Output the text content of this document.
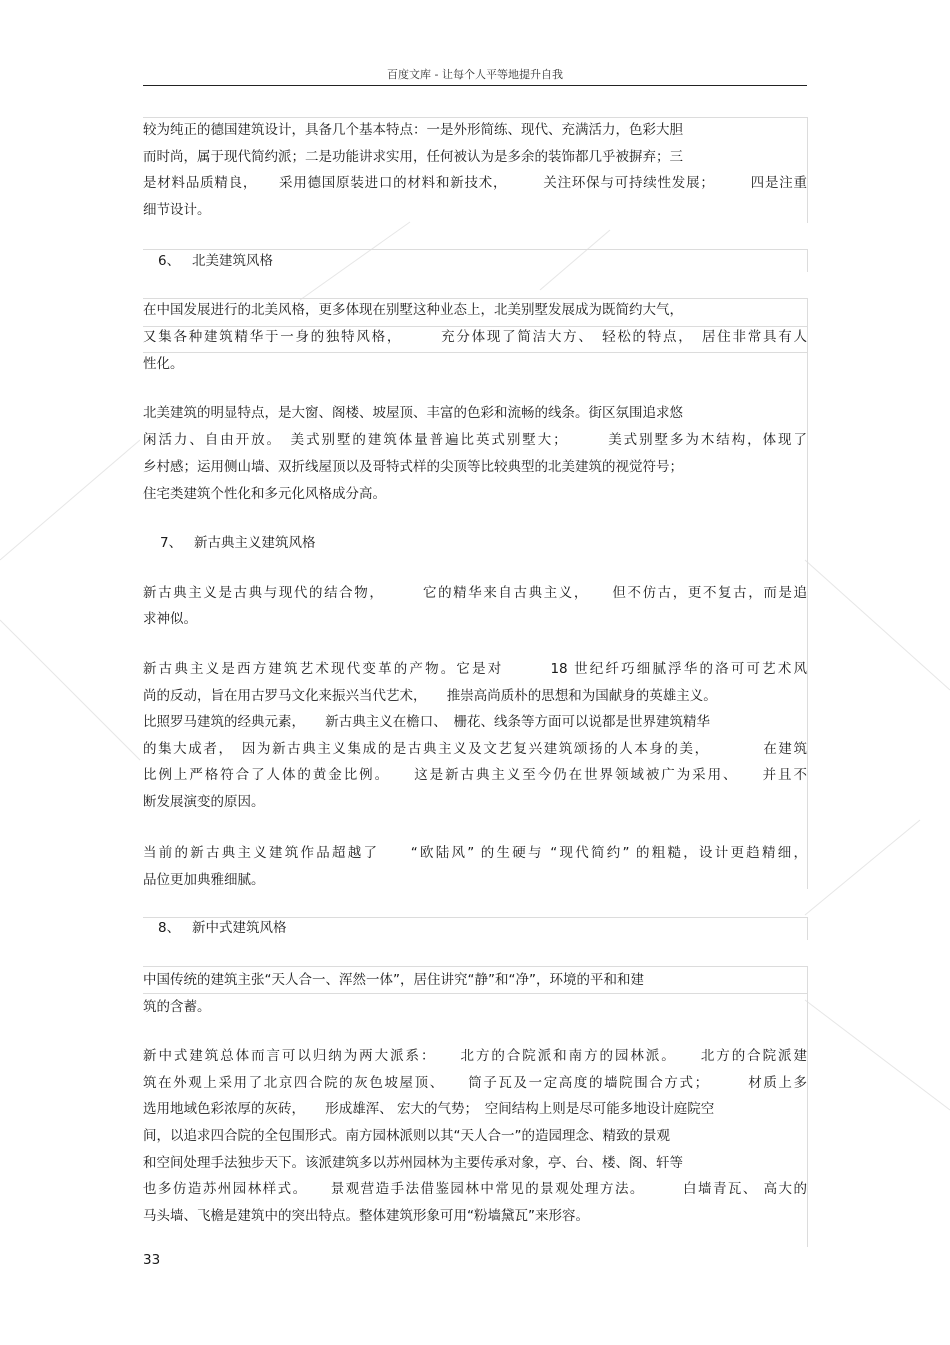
百度文库 - 让每个人平等地提升自我
较为纯正的德国建筑设计，具备几个基本特点：一是外形简练、现代、充满活力，色彩大胆
而时尚，属于现代简约派；二是功能讲求实用，任何被认为是多余的装饰都几乎被摒弃；三
是材料品质精良，　　采用德国原装进口的材料和新技术，　　　关注环保与可持续性发展；　　　四是注重
细节设计。
6、 北美建筑风格
在中国发展进行的北美风格，更多体现在别墅这种业态上，北美别墅发展成为既简约大气，
又集各种建筑精华于一身的独特风格，　　　充分体现了简洁大方、　轻松的特点，　居住非常具有人
性化。
北美建筑的明显特点，是大窗、阁楼、坡屋顶、丰富的色彩和流畅的线条。街区氛围追求悠
闲活力、自由开放。　美式别墅的建筑体量普遍比英式别墅大；　　　美式别墅多为木结构，体现了
乡村感；运用侧山墙、双折线屋顶以及哥特式样的尖顶等比较典型的北美建筑的视觉符号；
住宅类建筑个性化和多元化风格成分高。
7、 新古典主义建筑风格
新古典主义是古典与现代的结合物，　　　它的精华来自古典主义，　　但不仿古，更不复古，而是追
求神似。
新古典主义是西方建筑艺术现代变革的产物。它是对　　　18 世纪纤巧细腻浮华的洛可可艺术风
尚的反动，旨在用古罗马文化来振兴当代艺术，　　推崇高尚质朴的思想和为国献身的英雄主义。
比照罗马建筑的经典元素，　　新古典主义在檐口、　栅花、线条等方面可以说都是世界建筑精华
的集大成者，　因为新古典主义集成的是古典主义及文艺复兴建筑颂扬的人本身的美，　　　　在建筑
比例上严格符合了人体的黄金比例。　　这是新古典主义至今仍在世界领域被广为采用、　　并且不
断发展演变的原因。
当前的新古典主义建筑作品超越了　　“欧陆风” 的生硬与 “现代简约” 的粗糙，设计更趋精细，
品位更加典雅细腻。
8、 新中式建筑风格
中国传统的建筑主张“天人合一、浑然一体”，居住讲究“静”和“净”，环境的平和和建
筑的含蓄。
新中式建筑总体而言可以归纳为两大派系：　　北方的合院派和南方的园林派。　　北方的合院派建
筑在外观上采用了北京四合院的灰色坡屋顶、　　筒子瓦及一定高度的墙院围合方式；　　　材质上多
选用地域色彩浓厚的灰砖，　　形成雄浑、 宏大的气势；　空间结构上则是尽可能多地设计庭院空
间，以追求四合院的全包围形式。南方园林派则以其“天人合一”的造园理念、精致的景观
和空间处理手法独步天下。该派建筑多以苏州园林为主要传承对象，亭、台、楼、阁、轩等
也多仿造苏州园林样式。　　景观营造手法借鉴园林中常见的景观处理方法。　　　白墙青瓦、 高大的
马头墙、飞檐是建筑中的突出特点。整体建筑形象可用“粉墙黛瓦”来形容。
33
